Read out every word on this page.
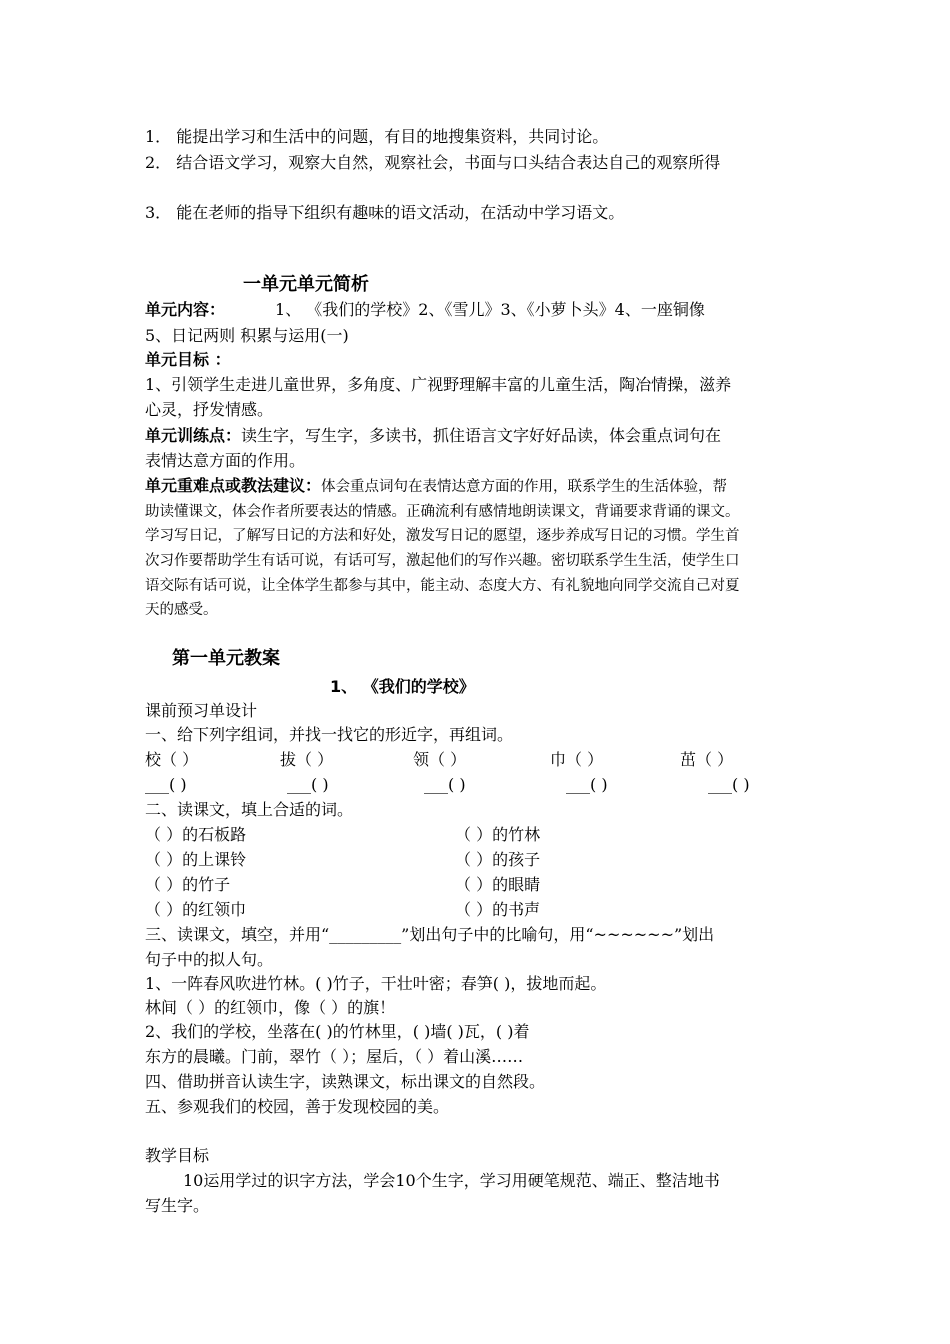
1． 能提出学习和生活中的问题，有目的地搜集资料，共同讨论。
2． 结合语文学习，观察大自然，观察社会，书面与口头结合表达自己的观察所得
3． 能在老师的指导下组织有趣味的语文活动，在活动中学习语文。
一单元单元简析
单元内容：	1、 《我们的学校》2、《雪儿》3、《小萝卜头》4、一座铜像
5、日记两则 积累与运用(一)
单元目标 ：
1、引领学生走进儿童世界，多角度、广视野理解丰富的儿童生活，陶冶情操，滋养
心灵，抒发情感。
单元训练点：读生字，写生字，多读书，抓住语言文字好好品读，体会重点词句在
表情达意方面的作用。
单元重难点或教法建议：体会重点词句在表情达意方面的作用，联系学生的生活体验，帮
助读懂课文，体会作者所要表达的情感。正确流利有感情地朗读课文，背诵要求背诵的课文。
学习写日记，了解写日记的方法和好处，激发写日记的愿望，逐步养成写日记的习惯。学生首
次习作要帮助学生有话可说，有话可写，激起他们的写作兴趣。密切联系学生生活，使学生口
语交际有话可说，让全体学生都参与其中，能主动、态度大方、有礼貌地向同学交流自己对夏
天的感受。
第一单元教案
1、 《我们的学校》
课前预习单设计
一、给下列字组词，并找一找它的形近字，再组词。
校（ ）	拔（ ）	领（ ）	巾（ ）	茁（ ）
___( )	___( )	___( )	___( )	___( )
二、读课文，填上合适的词。
（ ）的石板路	（ ）的竹林
（ ）的上课铃	（ ）的孩子
（ ）的竹子	（ ）的眼睛
（ ）的红领巾	（ ）的书声
三、读课文，填空，并用“_________”划出句子中的比喻句，用“~~~~~~”划出
句子中的拟人句。
1、一阵春风吹进竹林。( )竹子，干壮叶密；春笋( )，拔地而起。
林间（ ）的红领巾，像（ ）的旗！
2、我们的学校，坐落在( )的竹林里，( )墙( )瓦，( )着
东方的晨曦。门前，翠竹（ ）；屋后，（ ）着山溪……
四、借助拼音认读生字，读熟课文，标出课文的自然段。
五、参观我们的校园，善于发现校园的美。
教学目标
10运用学过的识字方法，学会10个生字，学习用硬笔规范、端正、整洁地书
写生字。
